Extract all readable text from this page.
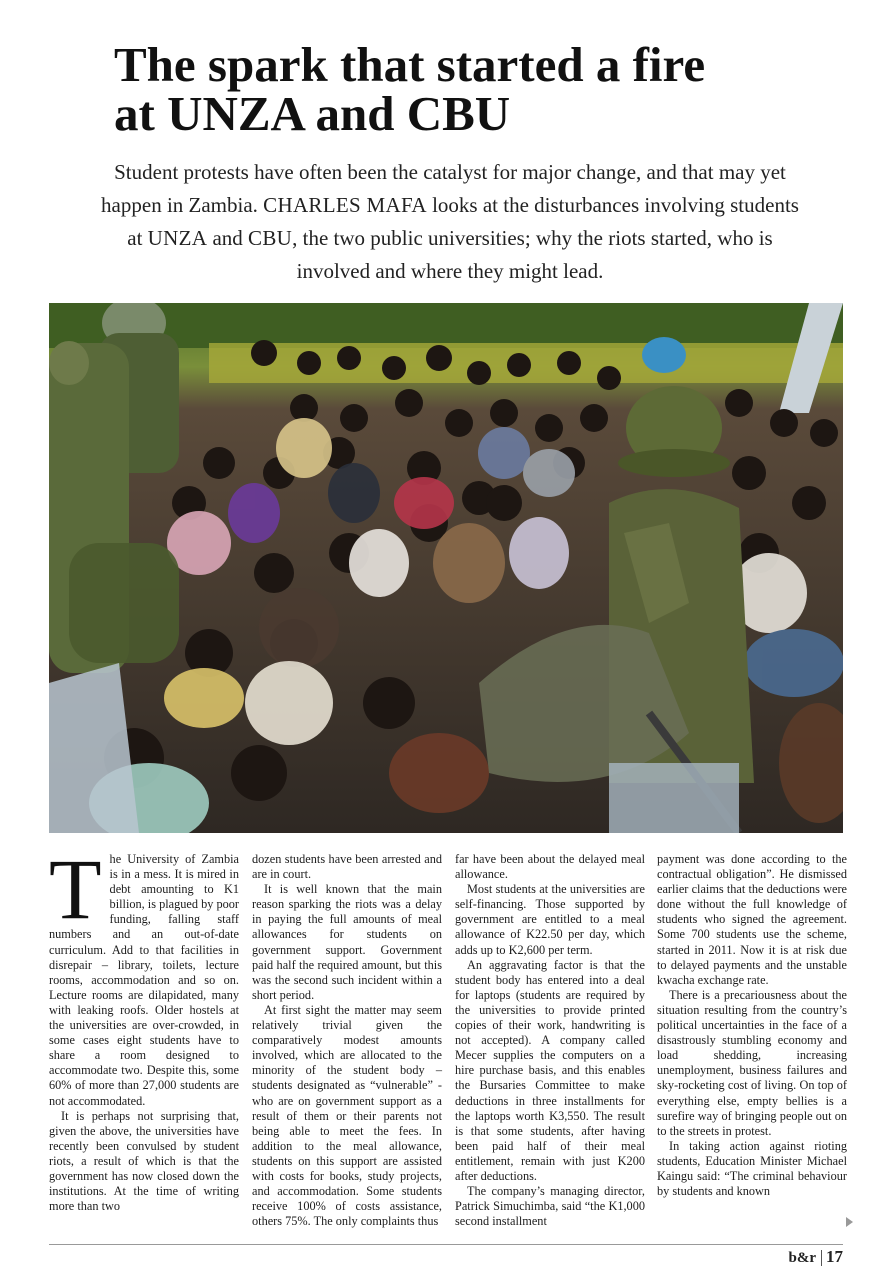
The spark that started a fire
at UNZA and CBU
Student protests have often been the catalyst for major change, and that may yet happen in Zambia. CHARLES MAFA looks at the disturbances involving students at UNZA and CBU, the two public universities; why the riots started, who is involved and where they might lead.

The University of Zambia is in a mess. It is mired in debt amounting to K1 billion, is plagued by poor funding, falling staff numbers and an out-of-date curriculum. Add to that facilities in disrepair – library, toilets, lecture rooms, accommodation and so on. Lecture rooms are dilapidated, many with leaking roofs. Older hostels at the universities are over-crowded, in some cases eight students have to share a room designed to accommodate two. Despite this, some 60% of more than 27,000 students are not accommodated.

It is perhaps not surprising that, given the above, the universities have recently been convulsed by student riots, a result of which is that the government has now closed down the institutions. At the time of writing more than two

dozen students have been arrested and are in court.

It is well known that the main reason sparking the riots was a delay in paying the full amounts of meal allowances for students on government support. Government paid half the required amount, but this was the second such incident within a short period.

At first sight the matter may seem relatively trivial given the comparatively modest amounts involved, which are allocated to the minority of the student body – students designated as “vulnerable” - who are on government support as a result of them or their parents not being able to meet the fees. In addition to the meal allowance, students on this support are assisted with costs for books, study projects, and accommodation. Some students receive 100% of costs assistance, others 75%. The only complaints thus

far have been about the delayed meal allowance.

Most students at the universities are self-financing. Those supported by government are entitled to a meal allowance of K22.50 per day, which adds up to K2,600 per term.

An aggravating factor is that the student body has entered into a deal for laptops (students are required by the universities to provide printed copies of their work, handwriting is not accepted). A company called Mecer supplies the computers on a hire purchase basis, and this enables the Bursaries Committee to make deductions in three installments for the laptops worth K3,550. The result is that some students, after having been paid half of their meal entitlement, remain with just K200 after deductions.

The company’s managing director, Patrick Simuchimba, said “the K1,000 second installment

payment was done according to the contractual obligation”. He dismissed earlier claims that the deductions were done without the full knowledge of students who signed the agreement. Some 700 students use the scheme, started in 2011. Now it is at risk due to delayed payments and the unstable kwacha exchange rate.

There is a precariousness about the situation resulting from the country’s political uncertainties in the face of a disastrously stumbling economy and load shedding, increasing unemployment, business failures and sky-rocketing cost of living. On top of everything else, empty bellies is a surefire way of bringing people out on to the streets in protest.

In taking action against rioting students, Education Minister Michael Kaingu said: “The criminal behaviour by students and known

b&r 17
